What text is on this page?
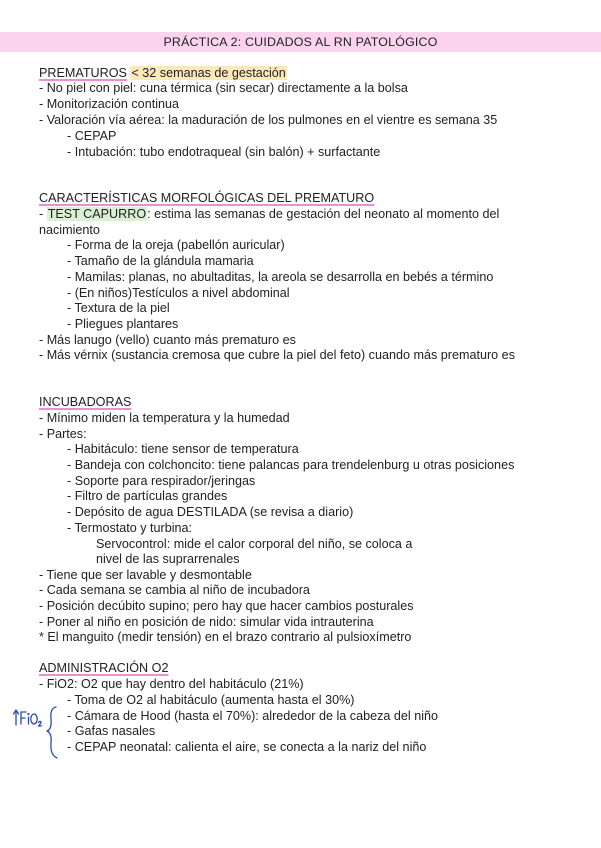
PRÁCTICA 2: CUIDADOS AL RN PATOLÓGICO
PREMATUROS < 32 semanas de gestación
- No piel con piel: cuna térmica (sin secar) directamente a la bolsa
- Monitorización continua
- Valoración vía aérea: la maduración de los pulmones en el vientre es semana 35
- CEPAP
- Intubación: tubo endotraqueal (sin balón) + surfactante
CARACTERÍSTICAS MORFOLÓGICAS DEL PREMATURO
- TEST CAPURRO: estima las semanas de gestación del neonato al momento del
nacimiento
- Forma de la oreja (pabellón auricular)
- Tamaño de la glándula mamaria
- Mamilas: planas, no abultaditas, la areola se desarrolla en bebés a término
- (En niños)Testículos a nivel abdominal
- Textura de la piel
- Pliegues plantares
- Más lanugo (vello) cuanto más prematuro es
- Más vérnix (sustancia cremosa que cubre la piel del feto) cuando más prematuro es
INCUBADORAS
- Mínimo miden la temperatura y la humedad
- Partes:
- Habitáculo: tiene sensor de temperatura
- Bandeja con colchoncito: tiene palancas para trendelenburg u otras posiciones
- Soporte para respirador/jeringas
- Filtro de partículas grandes
- Depósito de agua DESTILADA (se revisa a diario)
- Termostato y turbina:
Servocontrol: mide el calor corporal del niño, se coloca a
nivel de las suprarrenales
- Tiene que ser lavable y desmontable
- Cada semana se cambia al niño de incubadora
- Posición decúbito supino; pero hay que hacer cambios posturales
- Poner al niño en posición de nido: simular vida intrauterina
* El manguito (medir tensión) en el brazo contrario al pulsioxímetro
ADMINISTRACIÓN O2
- FiO2: O2 que hay dentro del habitáculo (21%)
- Toma de O2 al habitáculo (aumenta hasta el 30%)
- Cámara de Hood (hasta el 70%): alrededor de la cabeza del niño
- Gafas nasales
- CEPAP neonatal: calienta el aire, se conecta a la nariz del niño
